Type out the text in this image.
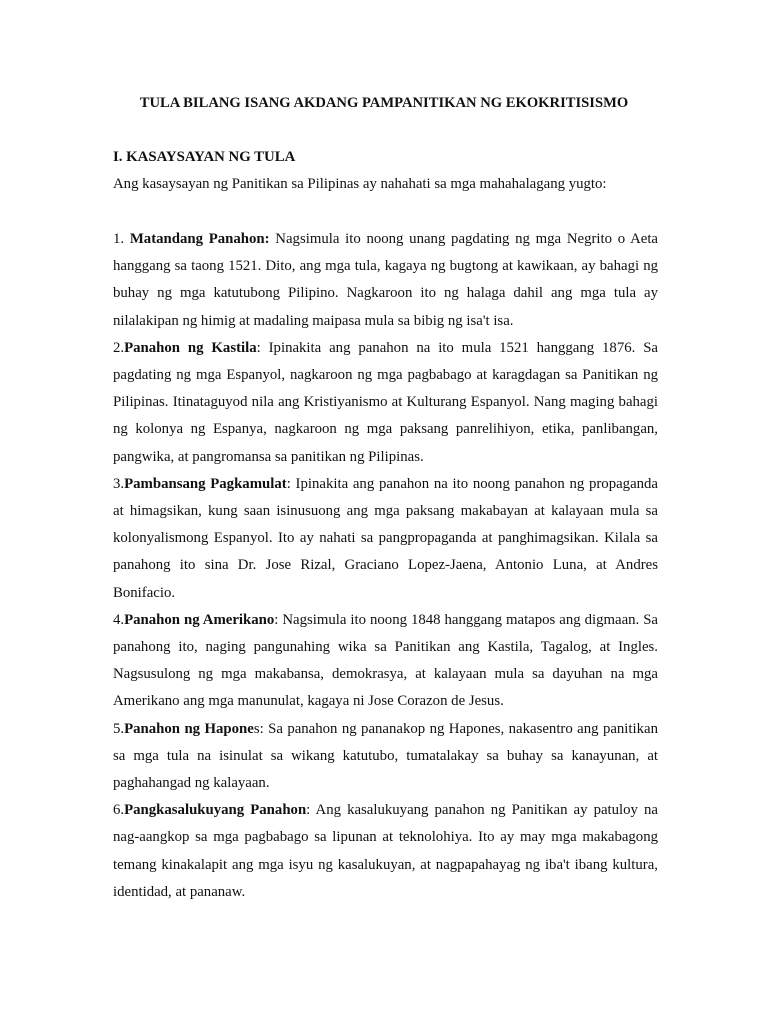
TULA BILANG ISANG AKDANG PAMPANITIKAN NG EKOKRITISISMO
I. KASAYSAYAN NG TULA

Ang kasaysayan ng Panitikan sa Pilipinas ay nahahati sa mga mahahalagang yugto:

1. Matandang Panahon: Nagsimula ito noong unang pagdating ng mga Negrito o Aeta hanggang sa taong 1521. Dito, ang mga tula, kagaya ng bugtong at kawikaan, ay bahagi ng buhay ng mga katutubong Pilipino. Nagkaroon ito ng halaga dahil ang mga tula ay nilalakipan ng himig at madaling maipasa mula sa bibig ng isa't isa.

2.Panahon ng Kastila: Ipinakita ang panahon na ito mula 1521 hanggang 1876. Sa pagdating ng mga Espanyol, nagkaroon ng mga pagbabago at karagdagan sa Panitikan ng Pilipinas. Itinataguyod nila ang Kristiyanismo at Kulturang Espanyol. Nang maging bahagi ng kolonya ng Espanya, nagkaroon ng mga paksang panrelihiyon, etika, panlibangan, pangwika, at pangromansa sa panitikan ng Pilipinas.

3.Pambansang Pagkamulat: Ipinakita ang panahon na ito noong panahon ng propaganda at himagsikan, kung saan isinusuong ang mga paksang makabayan at kalayaan mula sa kolonyalismong Espanyol. Ito ay nahati sa pangpropaganda at panghimagsikan. Kilala sa panahong ito sina Dr. Jose Rizal, Graciano Lopez-Jaena, Antonio Luna, at Andres Bonifacio.

4.Panahon ng Amerikano: Nagsimula ito noong 1848 hanggang matapos ang digmaan. Sa panahong ito, naging pangunahing wika sa Panitikan ang Kastila, Tagalog, at Ingles. Nagsusulong ng mga makabansa, demokrasya, at kalayaan mula sa dayuhan na mga Amerikano ang mga manunulat, kagaya ni Jose Corazon de Jesus.

5.Panahon ng Hapones: Sa panahon ng pananakop ng Hapones, nakasentro ang panitikan sa mga tula na isinulat sa wikang katutubo, tumatalakay sa buhay sa kanayunan, at paghahangad ng kalayaan.

6.Pangkasalukuyang Panahon: Ang kasalukuyang panahon ng Panitikan ay patuloy na nag-aangkop sa mga pagbabago sa lipunan at teknolohiya. Ito ay may mga makabagong temang kinakalapit ang mga isyu ng kasalukuyan, at nagpapahayag ng iba't ibang kultura, identidad, at pananaw.
